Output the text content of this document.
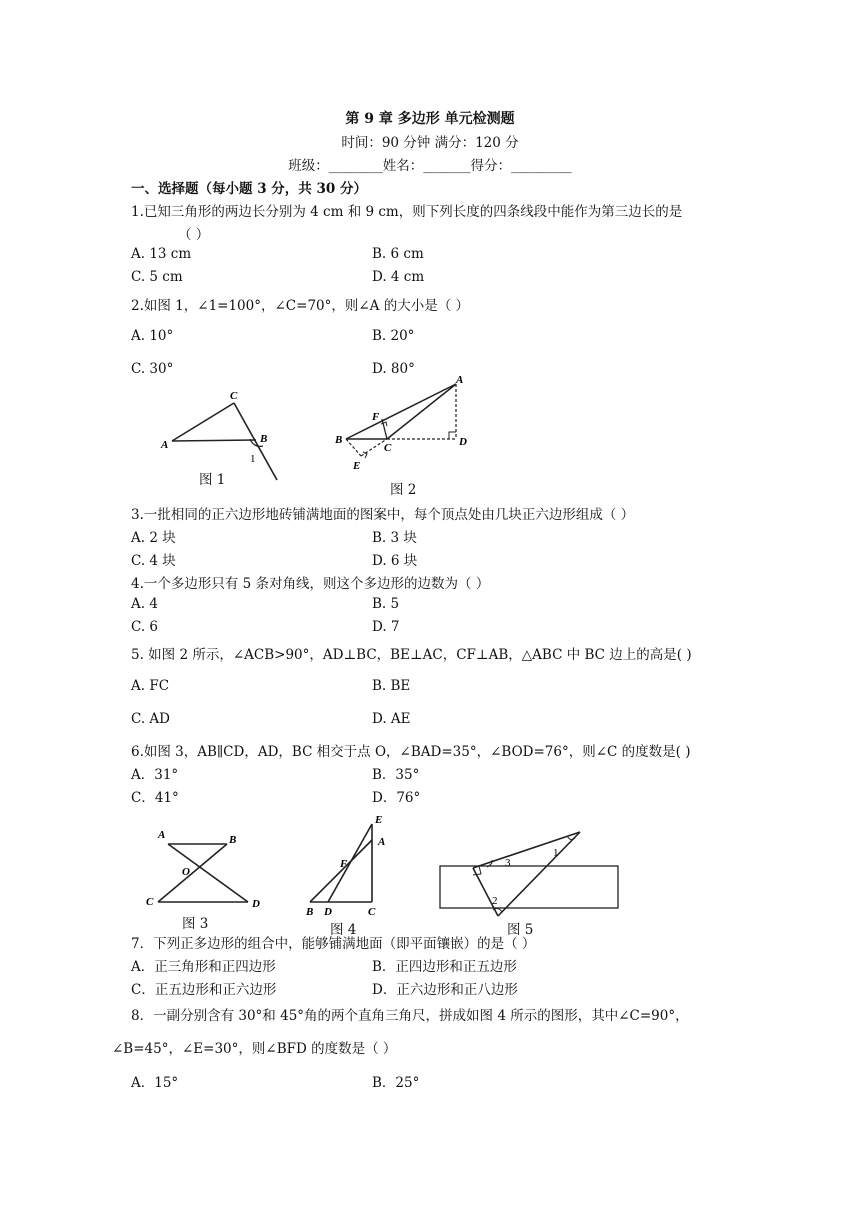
第 9 章 多边形 单元检测题
时间：90 分钟 满分：120 分
班级：________姓名：_______得分：_________
一、选择题（每小题 3 分，共 30 分）
1.已知三角形的两边长分别为 4 cm 和 9 cm，则下列长度的四条线段中能作为第三边长的是
（ ）
A. 13 cm	B. 6 cm
C. 5 cm	D. 4 cm
2.如图 1，∠1=100°，∠C=70°，则∠A 的大小是（ ）
A. 10°	B. 20°
C. 30°	D. 80°
A
C
B
1
图 1
A
B
C	D
E
F
图 2
3.一批相同的正六边形地砖铺满地面的图案中，每个顶点处由几块正六边形组成（ ）
A. 2 块	B. 3 块
C. 4 块	D. 6 块
4.一个多边形只有 5 条对角线，则这个多边形的边数为（ ）
A. 4	B. 5
C. 6	D. 7
5. 如图 2 所示，∠ACB>90°，AD⊥BC，BE⊥AC，CF⊥AB，△ABC 中 BC 边上的高是( )
A. FC	B. BE
C. AD	D. AE
6.如图 3，AB∥CD，AD，BC 相交于点 O，∠BAD=35°，∠BOD=76°，则∠C 的度数是( )
A．31°	B．35°
C．41°	D．76°
A	B
C	D
O
图 3
E
A
F
B D	C
图 4
1
2
3
图 5
7．下列正多边形的组合中，能够铺满地面（即平面镶嵌）的是（ ）
A．正三角形和正四边形	B．正四边形和正五边形
C．正五边形和正六边形	D．正六边形和正八边形
8．一副分别含有 30°和 45°角的两个直角三角尺，拼成如图 4 所示的图形，其中∠C=90°，
∠B=45°，∠E=30°，则∠BFD 的度数是（ ）
A．15°	B．25°
